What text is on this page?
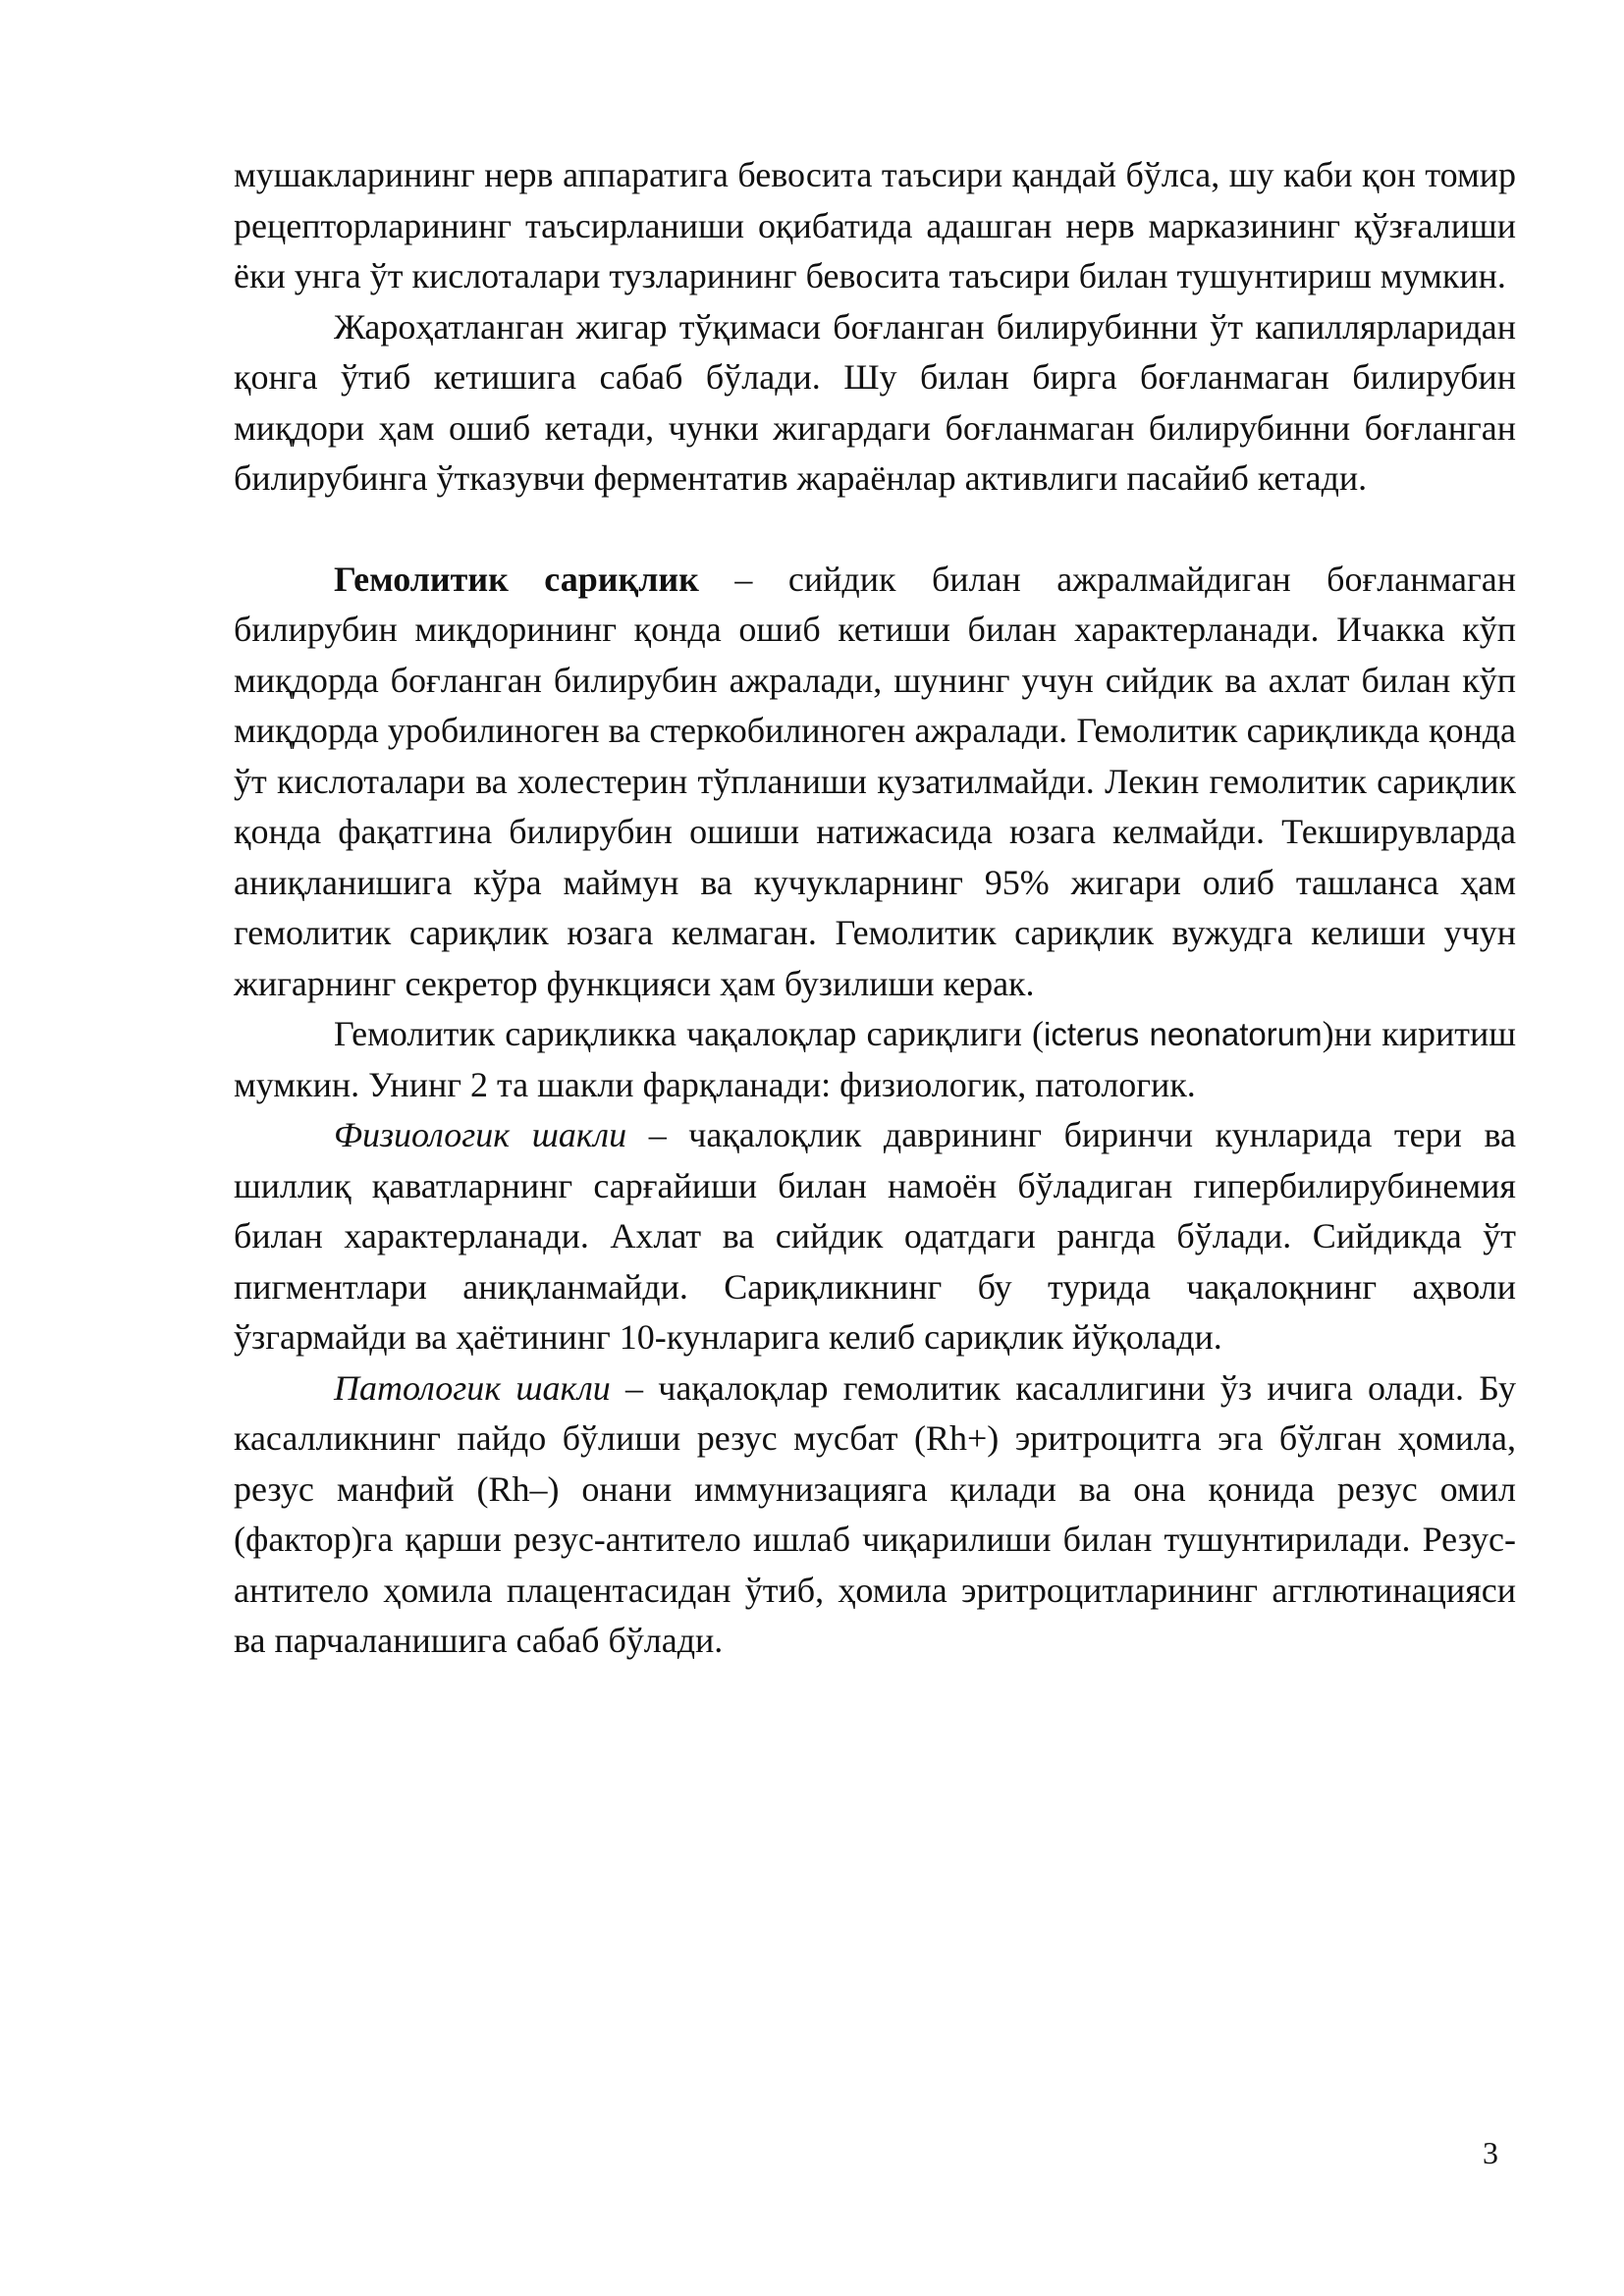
мушакларининг нерв аппаратига бевосита таъсири қандай бўлса, шу каби қон томир рецепторларининг таъсирланиши оқибатида адашган нерв марказининг қўзғалиши ёки унга ўт кислоталари тузларининг бевосита таъсири билан тушунтириш мумкин.

Жароҳатланган жигар тўқимаси боғланган билирубинни ўт капиллярларидан қонга ўтиб кетишига сабаб бўлади. Шу билан бирга боғланмаган билирубин миқдори ҳам ошиб кетади, чунки жигардаги боғланмаган билирубинни боғланган билирубинга ўтказувчи ферментатив жараёнлар активлиги пасайиб кетади.

Гемолитик сариқлик – сийдик билан ажралмайдиган боғланмаган билирубин миқдорининг қонда ошиб кетиши билан характерланади. Ичакка кўп миқдорда боғланган билирубин ажралади, шунинг учун сийдик ва ахлат билан кўп миқдорда уробилиноген ва стеркобилиноген ажралади. Гемолитик сариқликда қонда ўт кислоталари ва холестерин тўпланиши кузатилмайди. Лекин гемолитик сариқлик қонда фақатгина билирубин ошиши натижасида юзага келмайди. Текширувларда аниқланишига кўра маймун ва кучукларнинг 95% жигари олиб ташланса ҳам гемолитик сариқлик юзага келмаган. Гемолитик сариқлик вужудга келиши учун жигарнинг секретор функцияси ҳам бузилиши керак.

Гемолитик сариқликка чақалоқлар сариқлиги (icterus neonatorum)ни киритиш мумкин. Унинг 2 та шакли фарқланади: физиологик, патологик.

Физиологик шакли – чақалоқлик даврининг биринчи кунларида тери ва шиллиқ қаватларнинг сарғайиши билан намоён бўладиган гипербилирубинемия билан характерланади. Ахлат ва сийдик одатдаги рангда бўлади. Сийдикда ўт пигментлари аниқланмайди. Сариқликнинг бу турида чақалоқнинг аҳволи ўзгармайди ва ҳаётининг 10-кунларига келиб сариқлик йўқолади.

Патологик шакли – чақалоқлар гемолитик касаллигини ўз ичига олади. Бу касалликнинг пайдо бўлиши резус мусбат (Rh+) эритроцитга эга бўлган ҳомила, резус манфий (Rh–) онани иммунизацияга қилади ва она қонида резус омил (фактор)га қарши резус-антитело ишлаб чиқарилиши билан тушунтирилади. Резус-антитело ҳомила плацентасидан ўтиб, ҳомила эритроцитларининг агглютинацияси ва парчаланишига сабаб бўлади.

3
